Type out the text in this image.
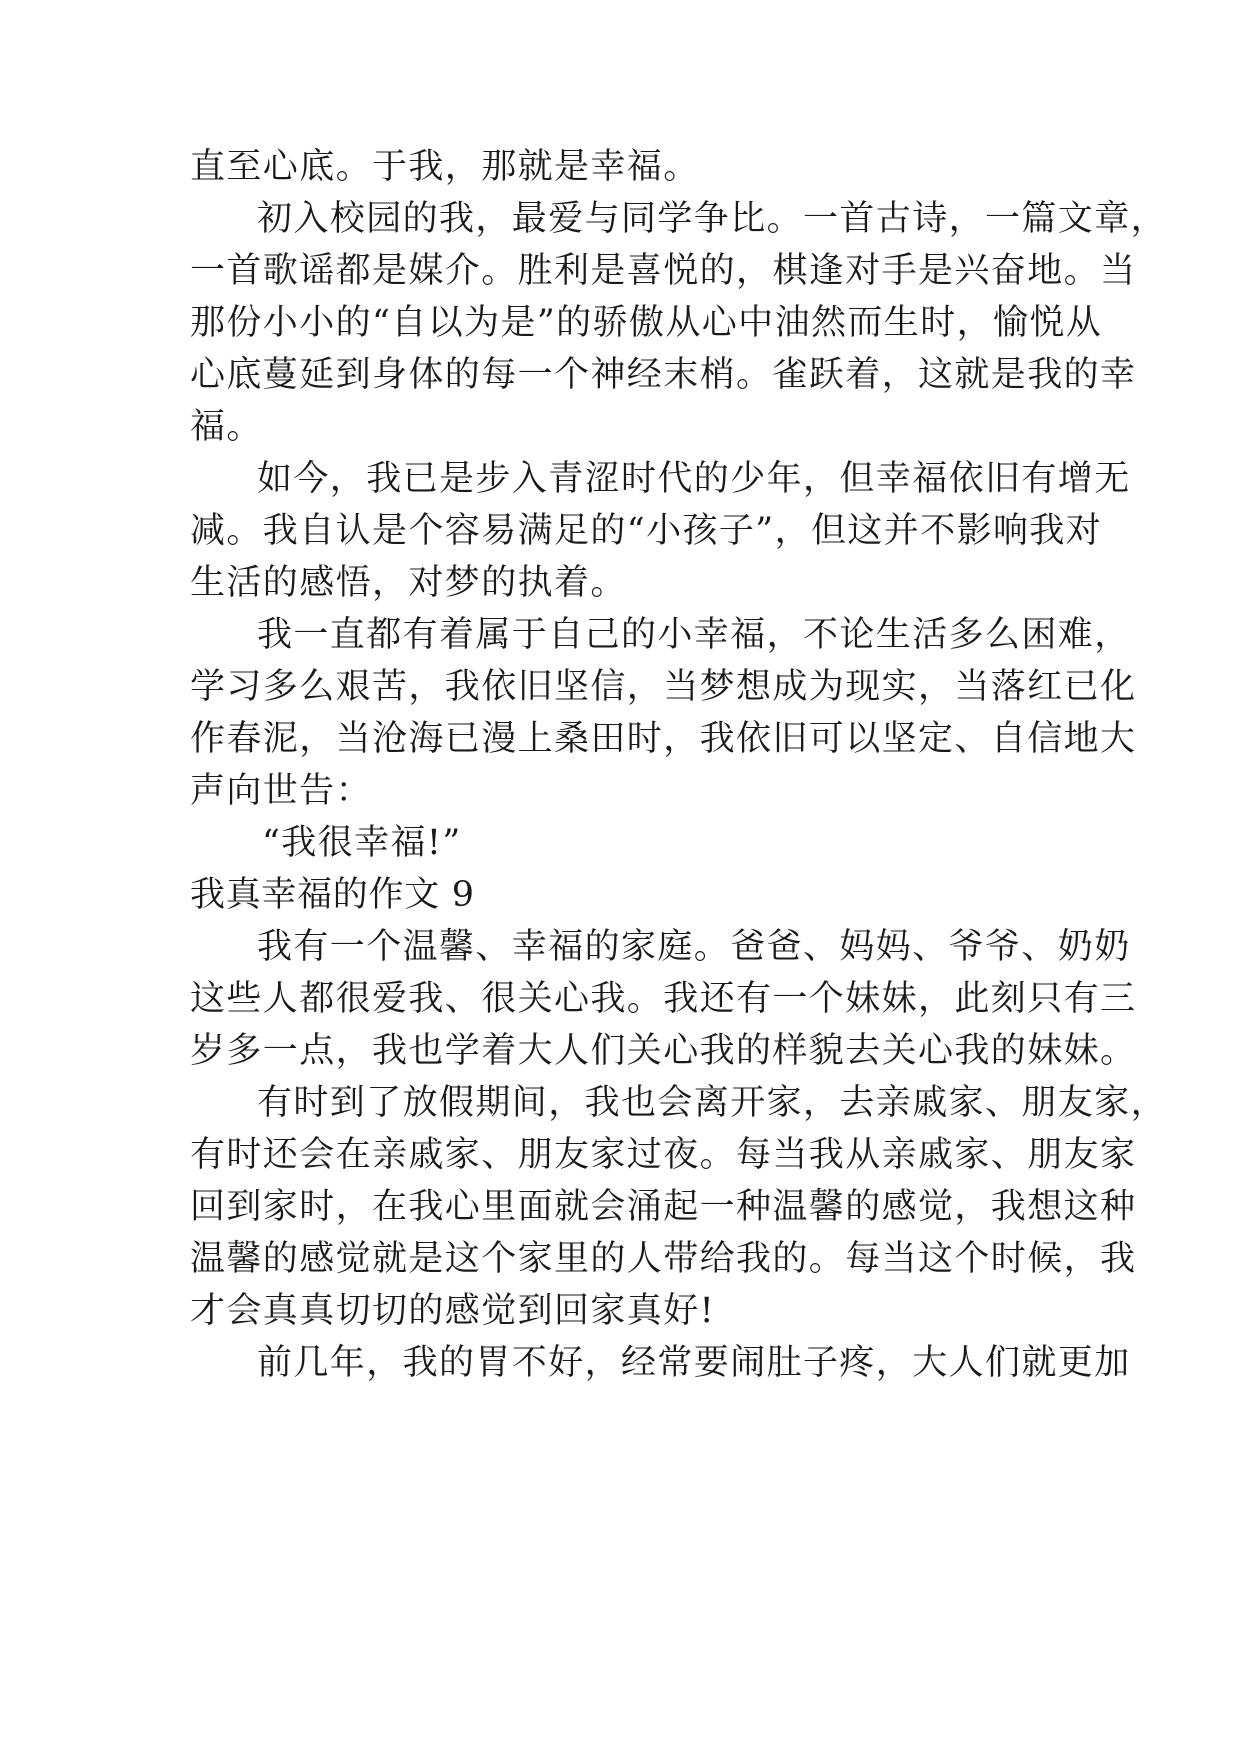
直至心底。于我，那就是幸福。
初入校园的我，最爱与同学争比。一首古诗，一篇文章，
一首歌谣都是媒介。胜利是喜悦的，棋逢对手是兴奋地。当
那份小小的“自以为是”的骄傲从心中油然而生时，愉悦从
心底蔓延到身体的每一个神经末梢。雀跃着，这就是我的幸
福。
如今，我已是步入青涩时代的少年，但幸福依旧有增无
减。我自认是个容易满足的“小孩子”，但这并不影响我对
生活的感悟，对梦的执着。
我一直都有着属于自己的小幸福，不论生活多么困难，
学习多么艰苦，我依旧坚信，当梦想成为现实，当落红已化
作春泥，当沧海已漫上桑田时，我依旧可以坚定、自信地大
声向世告：
“我很幸福!”
我真幸福的作文 9
我有一个温馨、幸福的家庭。爸爸、妈妈、爷爷、奶奶
这些人都很爱我、很关心我。我还有一个妹妹，此刻只有三
岁多一点，我也学着大人们关心我的样貌去关心我的妹妹。
有时到了放假期间，我也会离开家，去亲戚家、朋友家，
有时还会在亲戚家、朋友家过夜。每当我从亲戚家、朋友家
回到家时，在我心里面就会涌起一种温馨的感觉，我想这种
温馨的感觉就是这个家里的人带给我的。每当这个时候，我
才会真真切切的感觉到回家真好!
前几年，我的胃不好，经常要闹肚子疼，大人们就更加
